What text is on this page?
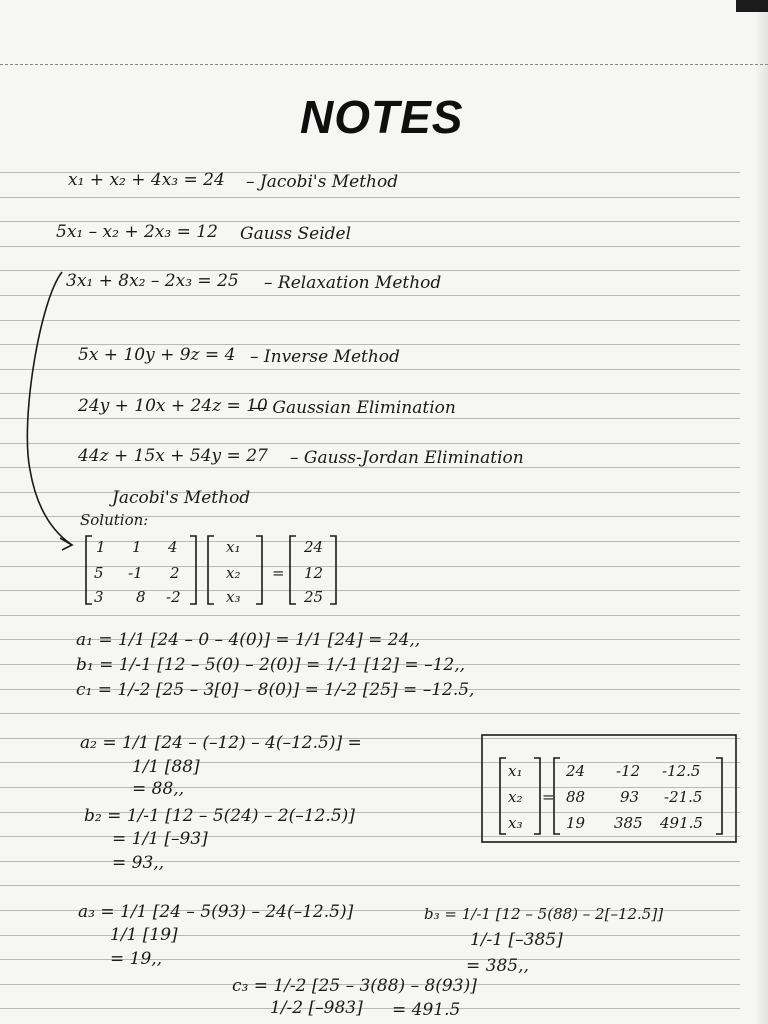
NOTES
x₁ + x₂ + 4x₃ = 24 – Jacobi's Method
5x₁ – x₂ + 2x₃ = 12 Gauss Seidel
3x₁ + 8x₂ – 2x₃ = 25 – Relaxation Method
5x + 10y + 9z = 4 – Inverse Method
24y + 10x + 24z = 10
— Gaussian Elimination
44z + 15x + 54y = 27 – Gauss-Jordan Elimination
Jacobi's Method
Solution:
1 1 4
5 -1 2
3 8 -2
x₁
x₂
x₃
=
24
12
25
a₁ = 1/1 [24 – 0 – 4(0)] = 1/1 [24] = 24,,
b₁ = 1/-1 [12 – 5(0) – 2(0)] = 1/-1 [12] = –12,,
c₁ = 1/-2 [25 – 3[0] – 8(0)] = 1/-2 [25] = –12.5,
a₂ = 1/1 [24 – (–12) – 4(–12.5)] =
1/1 [88]
= 88,,
b₂ = 1/-1 [12 – 5(24) – 2(–12.5)]
= 1/1 [–93]
= 93,,
x₁
x₂
x₃
=
24 -12 -12.5
88 93 -21.5
19 385 491.5
a₃ = 1/1 [24 – 5(93) – 24(–12.5)]
1/1 [19]
= 19,,
b₃ = 1/-1 [12 – 5(88) – 2[–12.5]]
1/-1 [–385]
= 385,,
c₃ = 1/-2 [25 – 3(88) – 8(93)]
1/-2 [–983] = 491.5
